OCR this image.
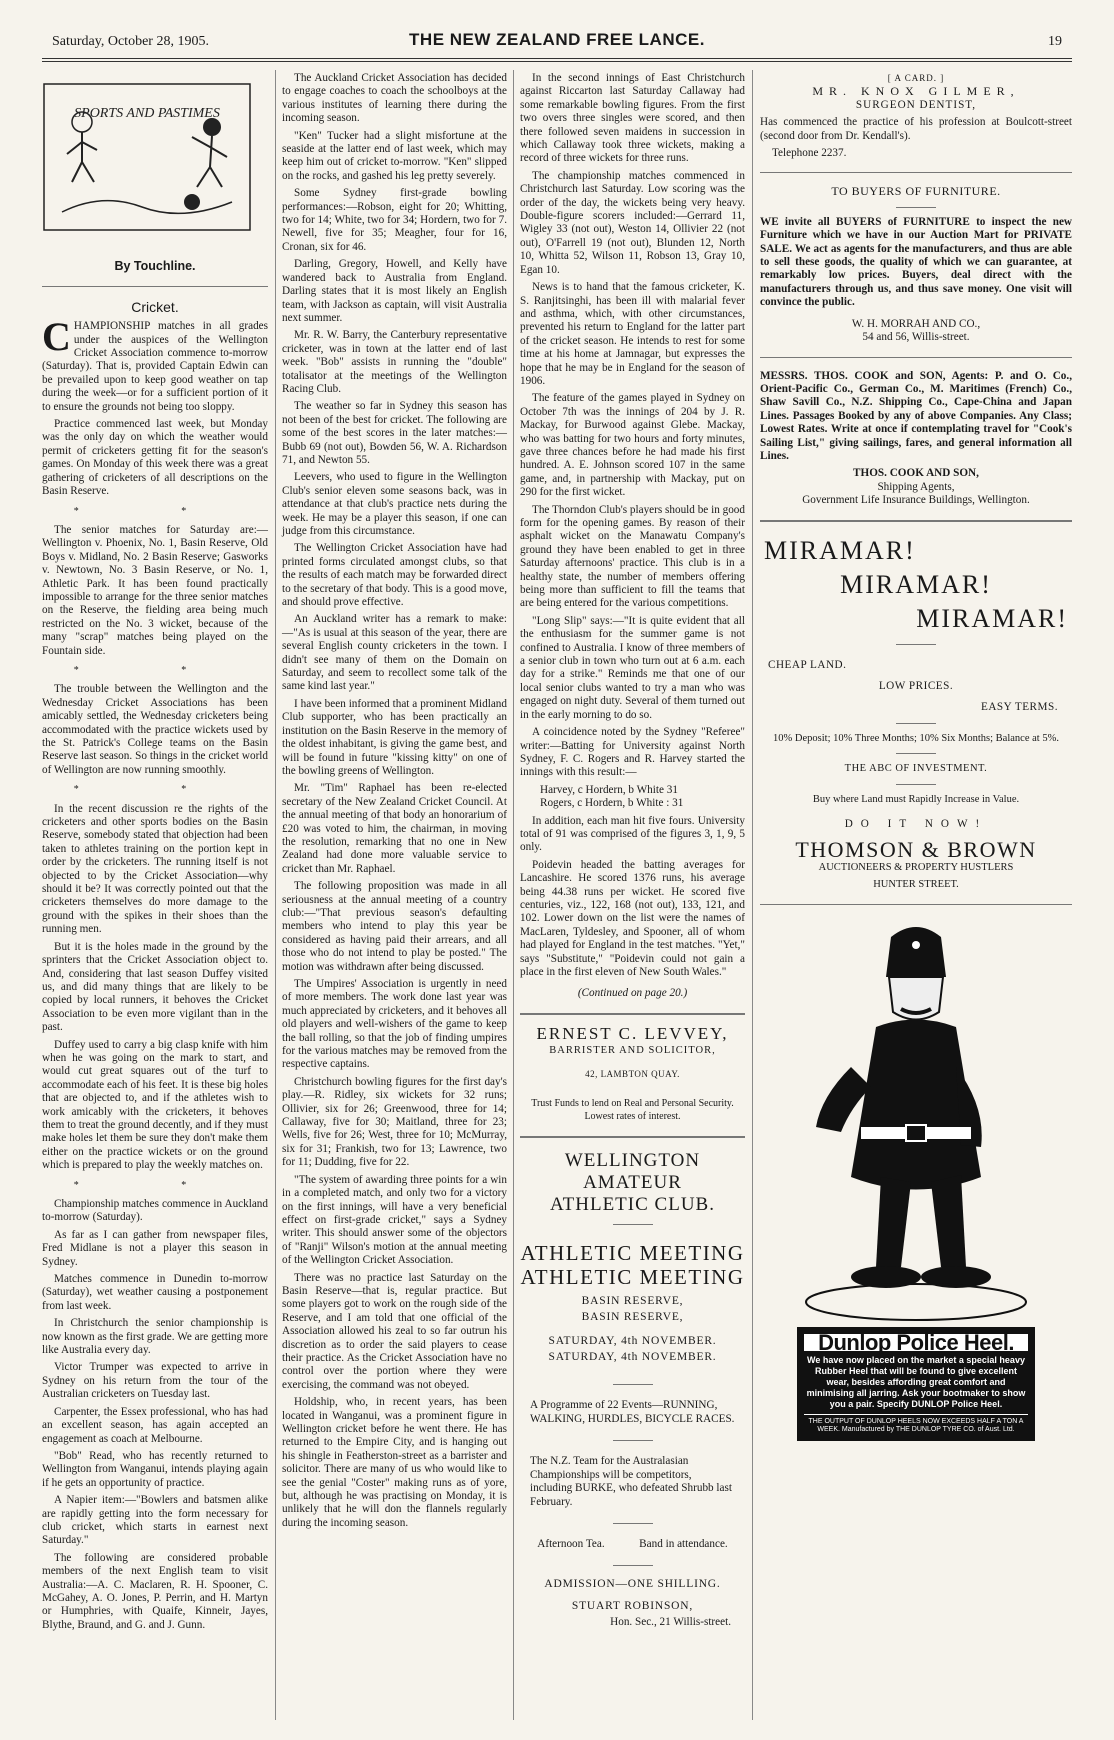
Saturday, October 28, 1905.	THE NEW ZEALAND FREE LANCE.	19
SPORTS AND PASTIMES
By Touchline.
Cricket.

CHAMPIONSHIP matches in all grades under the auspices of the Wellington Cricket Association commence to-morrow (Saturday). That is, provided Captain Edwin can be prevailed upon to keep good weather on tap during the week—or for a sufficient portion of it to ensure the grounds not being too sloppy.

Practice commenced last week, but Monday was the only day on which the weather would permit of cricketers getting fit for the season's games. On Monday of this week there was a great gathering of cricketers of all descriptions on the Basin Reserve.

* *

The senior matches for Saturday are:—Wellington v. Phoenix, No. 1, Basin Reserve, Old Boys v. Midland, No. 2 Basin Reserve; Gasworks v. Newtown, No. 3 Basin Reserve, or No. 1, Athletic Park. It has been found practically impossible to arrange for the three senior matches on the Reserve, the fielding area being much restricted on the No. 3 wicket, because of the many "scrap" matches being played on the Fountain side.

* *

The trouble between the Wellington and the Wednesday Cricket Associations has been amicably settled, the Wednesday cricketers being accommodated with the practice wickets used by the St. Patrick's College teams on the Basin Reserve last season. So things in the cricket world of Wellington are now running smoothly.

* *

In the recent discussion re the rights of the cricketers and other sports bodies on the Basin Reserve, somebody stated that objection had been taken to athletes training on the portion kept in order by the cricketers. The running itself is not objected to by the Cricket Association—why should it be? It was correctly pointed out that the cricketers themselves do more damage to the ground with the spikes in their shoes than the running men.

But it is the holes made in the ground by the sprinters that the Cricket Association object to. And, considering that last season Duffey visited us, and did many things that are likely to be copied by local runners, it behoves the Cricket Association to be even more vigilant than in the past.

Duffey used to carry a big clasp knife with him when he was going on the mark to start, and would cut great squares out of the turf to accommodate each of his feet. It is these big holes that are objected to, and if the athletes wish to work amicably with the cricketers, it behoves them to treat the ground decently, and if they must make holes let them be sure they don't make them either on the practice wickets or on the ground which is prepared to play the weekly matches on.

* *

Championship matches commence in Auckland to-morrow (Saturday).

As far as I can gather from newspaper files, Fred Midlane is not a player this season in Sydney.

Matches commence in Dunedin to-morrow (Saturday), wet weather causing a postponement from last week.

In Christchurch the senior championship is now known as the first grade. We are getting more like Australia every day.

Victor Trumper was expected to arrive in Sydney on his return from the tour of the Australian cricketers on Tuesday last.

Carpenter, the Essex professional, who has had an excellent season, has again accepted an engagement as coach at Melbourne.

"Bob" Read, who has recently returned to Wellington from Wanganui, intends playing again if he gets an opportunity of practice.

A Napier item:—"Bowlers and batsmen alike are rapidly getting into the form necessary for club cricket, which starts in earnest next Saturday."

The following are considered probable members of the next English team to visit Australia:—A. C. Maclaren, R. H. Spooner, C. McGahey, A. O. Jones, P. Perrin, and H. Martyn or Humphries, with Quaife, Kinneir, Jayes, Blythe, Braund, and G. and J. Gunn.

The Auckland Cricket Association has decided to engage coaches to coach the schoolboys at the various institutes of learning there during the incoming season.

"Ken" Tucker had a slight misfortune at the seaside at the latter end of last week, which may keep him out of cricket to-morrow. "Ken" slipped on the rocks, and gashed his leg pretty severely.

Some Sydney first-grade bowling performances:—Robson, eight for 20; Whitting, two for 14; White, two for 34; Hordern, two for 7. Newell, five for 35; Meagher, four for 16, Cronan, six for 46.

Darling, Gregory, Howell, and Kelly have wandered back to Australia from England. Darling states that it is most likely an English team, with Jackson as captain, will visit Australia next summer.

Mr. R. W. Barry, the Canterbury representative cricketer, was in town at the latter end of last week. "Bob" assists in running the "double" totalisator at the meetings of the Wellington Racing Club.

The weather so far in Sydney this season has not been of the best for cricket. The following are some of the best scores in the later matches:—Bubb 69 (not out), Bowden 56, W. A. Richardson 71, and Newton 55.

Leevers, who used to figure in the Wellington Club's senior eleven some seasons back, was in attendance at that club's practice nets during the week. He may be a player this season, if one can judge from this circumstance.

The Wellington Cricket Association have had printed forms circulated amongst clubs, so that the results of each match may be forwarded direct to the secretary of that body. This is a good move, and should prove effective.

An Auckland writer has a remark to make:—"As is usual at this season of the year, there are several English county cricketers in the town. I didn't see many of them on the Domain on Saturday, and seem to recollect some talk of the same kind last year."

I have been informed that a prominent Midland Club supporter, who has been practically an institution on the Basin Reserve in the memory of the oldest inhabitant, is giving the game best, and will be found in future "kissing kitty" on one of the bowling greens of Wellington.

Mr. "Tim" Raphael has been re-elected secretary of the New Zealand Cricket Council. At the annual meeting of that body an honorarium of £20 was voted to him, the chairman, in moving the resolution, remarking that no one in New Zealand had done more valuable service to cricket than Mr. Raphael.

The following proposition was made in all seriousness at the annual meeting of a country club:—"That previous season's defaulting members who intend to play this year be considered as having paid their arrears, and all those who do not intend to play be posted." The motion was withdrawn after being discussed.

The Umpires' Association is urgently in need of more members. The work done last year was much appreciated by cricketers, and it behoves all old players and well-wishers of the game to keep the ball rolling, so that the job of finding umpires for the various matches may be removed from the respective captains.

Christchurch bowling figures for the first day's play.—R. Ridley, six wickets for 32 runs; Ollivier, six for 26; Greenwood, three for 14; Callaway, five for 30; Maitland, three for 23; Wells, five for 26; West, three for 10; McMurray, six for 31; Frankish, two for 13; Lawrence, two for 11; Dudding, five for 22.

"The system of awarding three points for a win in a completed match, and only two for a victory on the first innings, will have a very beneficial effect on first-grade cricket," says a Sydney writer. This should answer some of the objectors of "Ranji" Wilson's motion at the annual meeting of the Wellington Cricket Association.

There was no practice last Saturday on the Basin Reserve—that is, regular practice. But some players got to work on the rough side of the Reserve, and I am told that one official of the Association allowed his zeal to so far outrun his discretion as to order the said players to cease their practice. As the Cricket Association have no control over the portion where they were exercising, the command was not obeyed.

Holdship, who, in recent years, has been located in Wanganui, was a prominent figure in Wellington cricket before he went there. He has returned to the Empire City, and is hanging out his shingle in Featherston-street as a barrister and solicitor. There are many of us who would like to see the genial "Coster" making runs as of yore, but, although he was practising on Monday, it is unlikely that he will don the flannels regularly during the incoming season.

In the second innings of East Christchurch against Riccarton last Saturday Callaway had some remarkable bowling figures. From the first two overs three singles were scored, and then there followed seven maidens in succession in which Callaway took three wickets, making a record of three wickets for three runs.

The championship matches commenced in Christchurch last Saturday. Low scoring was the order of the day, the wickets being very heavy. Double-figure scorers included:—Gerrard 11, Wigley 33 (not out), Weston 14, Ollivier 22 (not out), O'Farrell 19 (not out), Blunden 12, North 10, Whitta 52, Wilson 11, Robson 13, Gray 10, Egan 10.

News is to hand that the famous cricketer, K. S. Ranjitsinghi, has been ill with malarial fever and asthma, which, with other circumstances, prevented his return to England for the latter part of the cricket season. He intends to rest for some time at his home at Jamnagar, but expresses the hope that he may be in England for the season of 1906.

The feature of the games played in Sydney on October 7th was the innings of 204 by J. R. Mackay, for Burwood against Glebe. Mackay, who was batting for two hours and forty minutes, gave three chances before he had made his first hundred. A. E. Johnson scored 107 in the same game, and, in partnership with Mackay, put on 290 for the first wicket.

The Thorndon Club's players should be in good form for the opening games. By reason of their asphalt wicket on the Manawatu Company's ground they have been enabled to get in three Saturday afternoons' practice. This club is in a healthy state, the number of members offering being more than sufficient to fill the teams that are being entered for the various competitions.

"Long Slip" says:—"It is quite evident that all the enthusiasm for the summer game is not confined to Australia. I know of three members of a senior club in town who turn out at 6 a.m. each day for a strike." Reminds me that one of our local senior clubs wanted to try a man who was engaged on night duty. Several of them turned out in the early morning to do so.

A coincidence noted by the Sydney "Referee" writer:—Batting for University against North Sydney, F. C. Rogers and R. Harvey started the innings with this result:—

Harvey, c Hordern, b White 31

Rogers, c Hordern, b White : 31

In addition, each man hit five fours. University total of 91 was comprised of the figures 3, 1, 9, 5 only.

Poidevin headed the batting averages for Lancashire. He scored 1376 runs, his average being 44.38 runs per wicket. He scored five centuries, viz., 122, 168 (not out), 133, 121, and 102. Lower down on the list were the names of MacLaren, Tyldesley, and Spooner, all of whom had played for England in the test matches. "Yet," says "Substitute," "Poidevin could not gain a place in the first eleven of New South Wales."

(Continued on page 20.)
ERNEST C. LEVVEY,
BARRISTER AND SOLICITOR,
42, LAMBTON QUAY.

Trust Funds to lend on Real and Personal Security. Lowest rates of interest.

WELLINGTON AMATEUR
ATHLETIC CLUB.
ATHLETIC MEETING
ATHLETIC MEETING
BASIN RESERVE,
BASIN RESERVE,
SATURDAY, 4th NOVEMBER.
SATURDAY, 4th NOVEMBER.

A Programme of 22 Events—RUNNING, WALKING, HURDLES, BICYCLE RACES.

The N.Z. Team for the Australasian Championships will be competitors, including BURKE, who defeated Shrubb last February.

Afternoon Tea.	Band in attendance.
ADMISSION—ONE SHILLING.
STUART ROBINSON,
Hon. Sec., 21 Willis-street.
[ A CARD. ]
MR. KNOX GILMER,
SURGEON DENTIST,

Has commenced the practice of his profession at Boulcott-street (second door from Dr. Kendall's).

Telephone 2237.

TO BUYERS OF FURNITURE.

WE invite all BUYERS of FURNITURE to inspect the new Furniture which we have in our Auction Mart for PRIVATE SALE. We act as agents for the manufacturers, and thus are able to sell these goods, the quality of which we can guarantee, at remarkably low prices. Buyers, deal direct with the manufacturers through us, and thus save money. One visit will convince the public.

W. H. MORRAH AND CO.,
54 and 56, Willis-street.

MESSRS. THOS. COOK and SON, Agents: P. and O. Co., Orient-Pacific Co., German Co., M. Maritimes (French) Co., Shaw Savill Co., N.Z. Shipping Co., Cape-China and Japan Lines. Passages Booked by any of above Companies. Any Class; Lowest Rates. Write at once if contemplating travel for "Cook's Sailing List," giving sailings, fares, and general information all Lines.

THOS. COOK AND SON,
Shipping Agents,
Government Life Insurance Buildings, Wellington.
MIRAMAR!
MIRAMAR!
MIRAMAR!
CHEAP LAND.
LOW PRICES.
EASY TERMS.

10% Deposit; 10% Three Months; 10% Six Months; Balance at 5%.

THE ABC OF INVESTMENT.

Buy where Land must Rapidly Increase in Value.

DO IT NOW!
THOMSON & BROWN
AUCTIONEERS & PROPERTY HUSTLERS
HUNTER STREET.
Dunlop Police Heel.
We have now placed on the market a special heavy Rubber Heel that will be found to give excellent wear, besides affording great comfort and minimising all jarring. Ask your bootmaker to show you a pair. Specify DUNLOP Police Heel.
THE OUTPUT OF DUNLOP HEELS NOW EXCEEDS HALF A TON A WEEK. Manufactured by THE DUNLOP TYRE CO. of Aust. Ltd.
